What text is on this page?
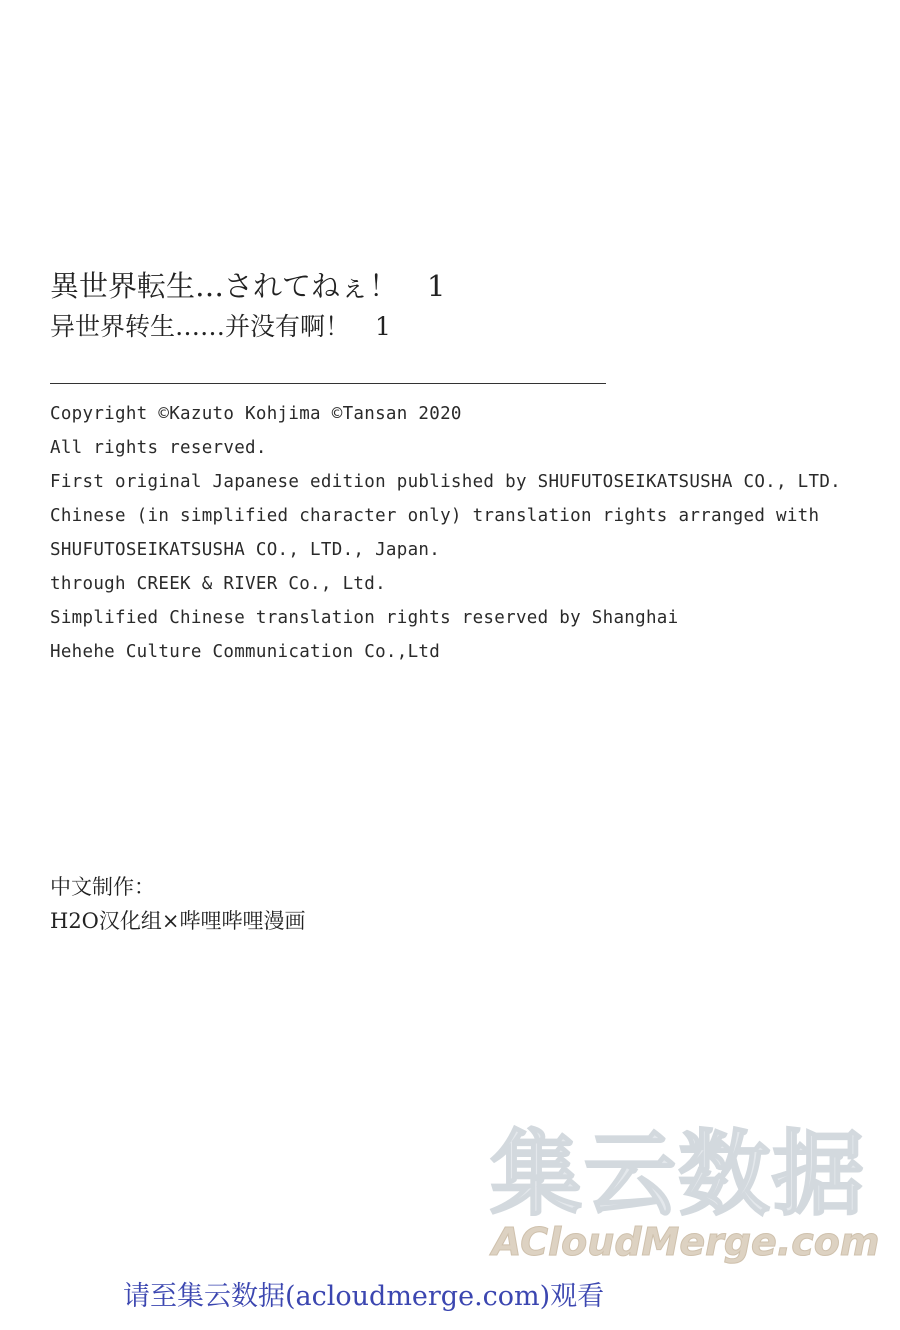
異世界転生…されてねぇ！　1
异世界转生……并没有啊！　1
Copyright ©Kazuto Kohjima ©Tansan 2020
All rights reserved.
First original Japanese edition published by SHUFUTOSEIKATSUSHA CO., LTD.
Chinese (in simplified character only) translation rights arranged with
SHUFUTOSEIKATSUSHA CO., LTD., Japan.
through CREEK & RIVER Co., Ltd.
Simplified Chinese translation rights reserved by Shanghai
Hehehe Culture Communication Co.,Ltd
中文制作：
H2O汉化组×哔哩哔哩漫画
集云数据
ACloudMerge.com
请至集云数据(acloudmerge.com)观看
